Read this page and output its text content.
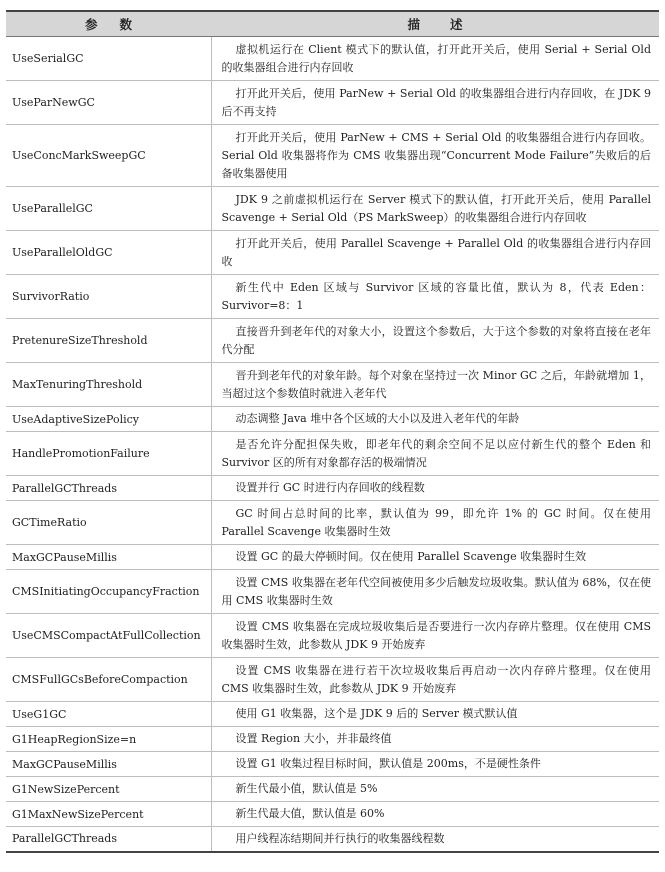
参数	描述
UseSerialGC	虚拟机运行在 Client 模式下的默认值，打开此开关后，使用 Serial + Serial Old 的收集器组合进行内存回收
UseParNewGC	打开此开关后，使用 ParNew + Serial Old 的收集器组合进行内存回收，在 JDK 9 后不再支持
UseConcMarkSweepGC	打开此开关后，使用 ParNew + CMS + Serial Old 的收集器组合进行内存回收。Serial Old 收集器将作为 CMS 收集器出现“Concurrent Mode Failure”失败后的后备收集器使用
UseParallelGC	JDK 9 之前虚拟机运行在 Server 模式下的默认值，打开此开关后，使用 Parallel Scavenge + Serial Old（PS MarkSweep）的收集器组合进行内存回收
UseParallelOldGC	打开此开关后，使用 Parallel Scavenge + Parallel Old 的收集器组合进行内存回收
SurvivorRatio	新生代中 Eden 区域与 Survivor 区域的容量比值，默认为 8，代表 Eden：Survivor=8：1
PretenureSizeThreshold	直接晋升到老年代的对象大小，设置这个参数后，大于这个参数的对象将直接在老年代分配
MaxTenuringThreshold	晋升到老年代的对象年龄。每个对象在坚持过一次 Minor GC 之后，年龄就增加 1，当超过这个参数值时就进入老年代
UseAdaptiveSizePolicy	动态调整 Java 堆中各个区域的大小以及进入老年代的年龄
HandlePromotionFailure	是否允许分配担保失败，即老年代的剩余空间不足以应付新生代的整个 Eden 和 Survivor 区的所有对象都存活的极端情况
ParallelGCThreads	设置并行 GC 时进行内存回收的线程数
GCTimeRatio	GC 时间占总时间的比率，默认值为 99，即允许 1% 的 GC 时间。仅在使用 Parallel Scavenge 收集器时生效
MaxGCPauseMillis	设置 GC 的最大停顿时间。仅在使用 Parallel Scavenge 收集器时生效
CMSInitiatingOccupancyFraction	设置 CMS 收集器在老年代空间被使用多少后触发垃圾收集。默认值为 68%，仅在使用 CMS 收集器时生效
UseCMSCompactAtFullCollection	设置 CMS 收集器在完成垃圾收集后是否要进行一次内存碎片整理。仅在使用 CMS 收集器时生效，此参数从 JDK 9 开始废弃
CMSFullGCsBeforeCompaction	设置 CMS 收集器在进行若干次垃圾收集后再启动一次内存碎片整理。仅在使用 CMS 收集器时生效，此参数从 JDK 9 开始废弃
UseG1GC	使用 G1 收集器，这个是 JDK 9 后的 Server 模式默认值
G1HeapRegionSize=n	设置 Region 大小，并非最终值
MaxGCPauseMillis	设置 G1 收集过程目标时间，默认值是 200ms，不是硬性条件
G1NewSizePercent	新生代最小值，默认值是 5%
G1MaxNewSizePercent	新生代最大值，默认值是 60%
ParallelGCThreads	用户线程冻结期间并行执行的收集器线程数
